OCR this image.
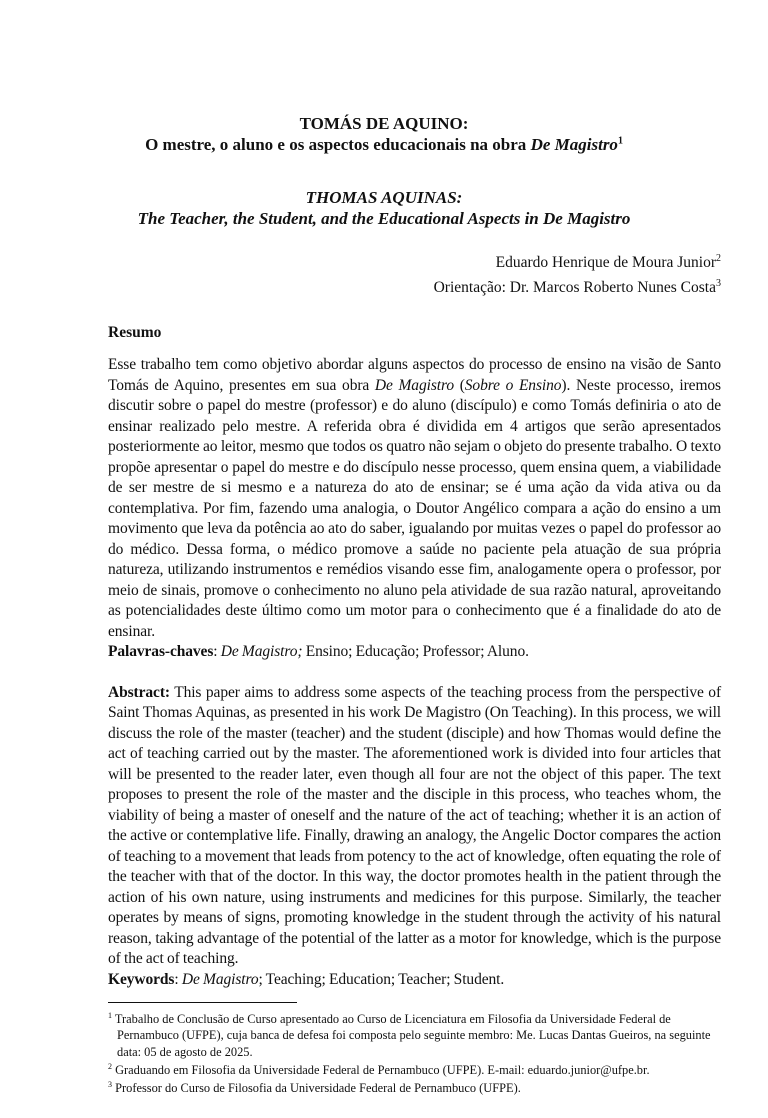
TOMÁS DE AQUINO:
O mestre, o aluno e os aspectos educacionais na obra De Magistro$^1$
THOMAS AQUINAS:
The Teacher, the Student, and the Educational Aspects in De Magistro
Eduardo Henrique de Moura Junior$^2$
Orientação: Dr. Marcos Roberto Nunes Costa$^3$
Resumo

Esse trabalho tem como objetivo abordar alguns aspectos do processo de ensino na visão de Santo Tomás de Aquino, presentes em sua obra De Magistro (Sobre o Ensino). Neste processo, iremos discutir sobre o papel do mestre (professor) e do aluno (discípulo) e como Tomás definiria o ato de ensinar realizado pelo mestre. A referida obra é dividida em 4 artigos que serão apresentados posteriormente ao leitor, mesmo que todos os quatro não sejam o objeto do presente trabalho. O texto propõe apresentar o papel do mestre e do discípulo nesse processo, quem ensina quem, a viabilidade de ser mestre de si mesmo e a natureza do ato de ensinar; se é uma ação da vida ativa ou da contemplativa. Por fim, fazendo uma analogia, o Doutor Angélico compara a ação do ensino a um movimento que leva da potência ao ato do saber, igualando por muitas vezes o papel do professor ao do médico. Dessa forma, o médico promove a saúde no paciente pela atuação de sua própria natureza, utilizando instrumentos e remédios visando esse fim, analogamente opera o professor, por meio de sinais, promove o conhecimento no aluno pela atividade de sua razão natural, aproveitando as potencialidades deste último como um motor para o conhecimento que é a finalidade do ato de ensinar.

Palavras-chaves: De Magistro; Ensino; Educação; Professor; Aluno.

Abstract: This paper aims to address some aspects of the teaching process from the perspective of Saint Thomas Aquinas, as presented in his work De Magistro (On Teaching). In this process, we will discuss the role of the master (teacher) and the student (disciple) and how Thomas would define the act of teaching carried out by the master. The aforementioned work is divided into four articles that will be presented to the reader later, even though all four are not the object of this paper. The text proposes to present the role of the master and the disciple in this process, who teaches whom, the viability of being a master of oneself and the nature of the act of teaching; whether it is an action of the active or contemplative life. Finally, drawing an analogy, the Angelic Doctor compares the action of teaching to a movement that leads from potency to the act of knowledge, often equating the role of the teacher with that of the doctor. In this way, the doctor promotes health in the patient through the action of his own nature, using instruments and medicines for this purpose. Similarly, the teacher operates by means of signs, promoting knowledge in the student through the activity of his natural reason, taking advantage of the potential of the latter as a motor for knowledge, which is the purpose of the act of teaching.

Keywords: De Magistro; Teaching; Education; Teacher; Student.

$^1$ Trabalho de Conclusão de Curso apresentado ao Curso de Licenciatura em Filosofia da Universidade Federal de Pernambuco (UFPE), cuja banca de defesa foi composta pelo seguinte membro: Me. Lucas Dantas Gueiros, na seguinte data: 05 de agosto de 2025.

$^2$ Graduando em Filosofia da Universidade Federal de Pernambuco (UFPE). E-mail: eduardo.junior@ufpe.br.

$^3$ Professor do Curso de Filosofia da Universidade Federal de Pernambuco (UFPE).
